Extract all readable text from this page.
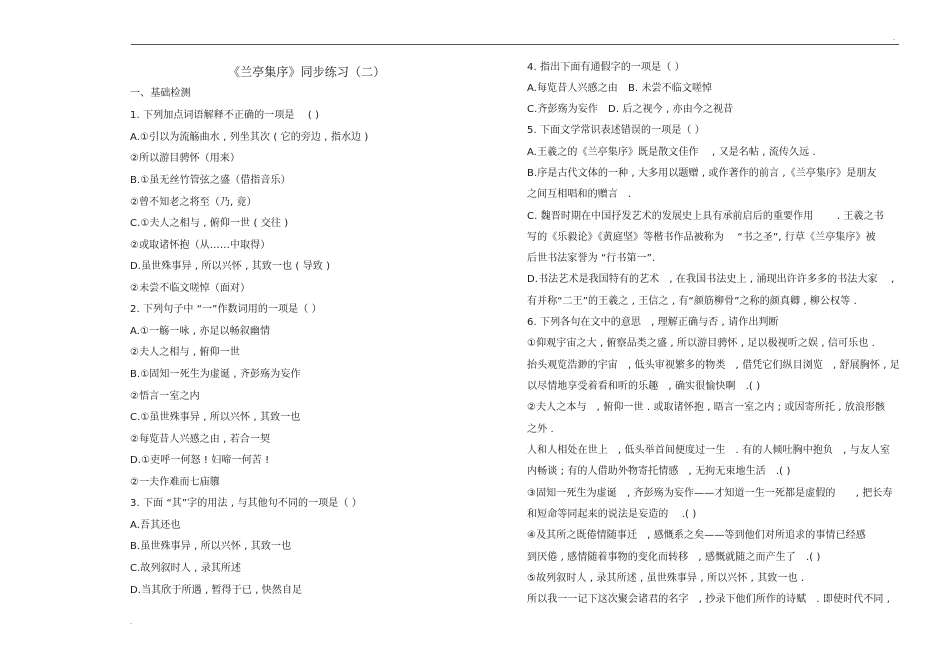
·
·
《兰亭集序》同步练习（二）
一、基础检测
1. 下列加点词语解释不正确的一项是　 ( )
A.①引以为流觞曲水 , 列坐其次 ( 它的旁边 , 指水边 )
②所以游目骋怀（用来）
B.①虽无丝竹管弦之盛（借指音乐）
②曾不知老之将至（乃, 竟）
C.①夫人之相与 , 俯仰一世 ( 交往 )
②或取诸怀抱（从……中取得）
D.虽世殊事异 , 所以兴怀 , 其致一也 ( 导致 )
②未尝不临文嗟悼（面对）
2. 下列句子中 “一”作数词用的一项是（ ）
A.①一觞一咏 , 亦足以畅叙幽情
②夫人之相与 , 俯仰一世
B.①固知一死生为虚诞 , 齐彭殇为妄作
②悟言一室之内
C.①虽世殊事异 , 所以兴怀 , 其致一也
②每览昔人兴感之由 , 若合一契
D.①吏呼一何怒 ! 妇啼一何苦 !
②一夫作难而七庙隳
3. 下面 “其”字的用法 , 与其他句不同的一项是（ ）
A.吾其还也
B.虽世殊事异 , 所以兴怀 , 其致一也
C.故列叙时人 , 录其所述
D.当其欣于所遇 , 暂得于已 , 快然自足
4. 指出下面有通假字的一项是（ ）
A.每览昔人兴感之由　B. 未尝不临文嗟悼
C.齐彭殇为妄作　D. 后之视今 , 亦由今之视昔
5. 下面文学常识表述错误的一项是（ ）
A.王羲之的《兰亭集序》既是散文佳作　 , 又是名帖 , 流传久远 .
B.序是古代文体的一种 , 大多用以题赠 , 或作著作的前言 ,《兰亭集序》是朋友
之间互相唱和的赠言　.
C. 魏晋时期在中国抒发艺术的发展史上具有承前启后的重要作用　　 . 王羲之书
写的《乐毅论》《黄庭坚》等楷书作品被称为　 “书之圣”, 行草《兰亭集序》被
后世书法家誉为 “行书第一”.
D.书法艺术是我国特有的艺术　, 在我国书法史上 , 涌现出许许多多的书法大家　 ,
有并称“二王”的王羲之 , 王信之 , 有“颜筋柳骨”之称的颜真卿 , 柳公权等 .
6. 下列各句在文中的意思　, 理解正确与否 , 请作出判断
①仰观宇宙之大 , 俯察品类之盛 , 所以游目骋怀 , 足以极视听之娱 , 信可乐也 .
抬头观览浩渺的宇宙　, 低头审视繁多的物类　, 借凭它们纵目浏览　, 舒展胸怀 , 足
以尽情地享受着看和听的乐趣　, 确实很愉快啊　.( )
②夫人之本与　, 俯仰一世 . 或取诸怀抱 , 晤言一室之内 ; 或因寄所托 , 放浪形骸
之外 .
人和人相处在世上　, 低头举首间便度过一生　. 有的人倾吐胸中抱负　, 与友人室
内畅谈 ; 有的人借助外物寄托情感　, 无拘无束地生活　.( )
③固知一死生为虚诞　, 齐彭殇为妄作——才知道一生一死都是虚假的　　, 把长寿
和短命等同起来的说法是妄造的　 .( )
④及其所之既倦情随事迁　, 感慨系之矣——等到他们对所追求的事情已经感
到厌倦 , 感情随着事物的变化而转移　, 感慨就随之而产生了　.( )
⑤故列叙时人 , 录其所述 , 虽世殊事异 , 所以兴怀 , 其致一也 .
所以我一一记下这次聚会诸君的名字　, 抄录下他们所作的诗赋　. 即使时代不同 ,
